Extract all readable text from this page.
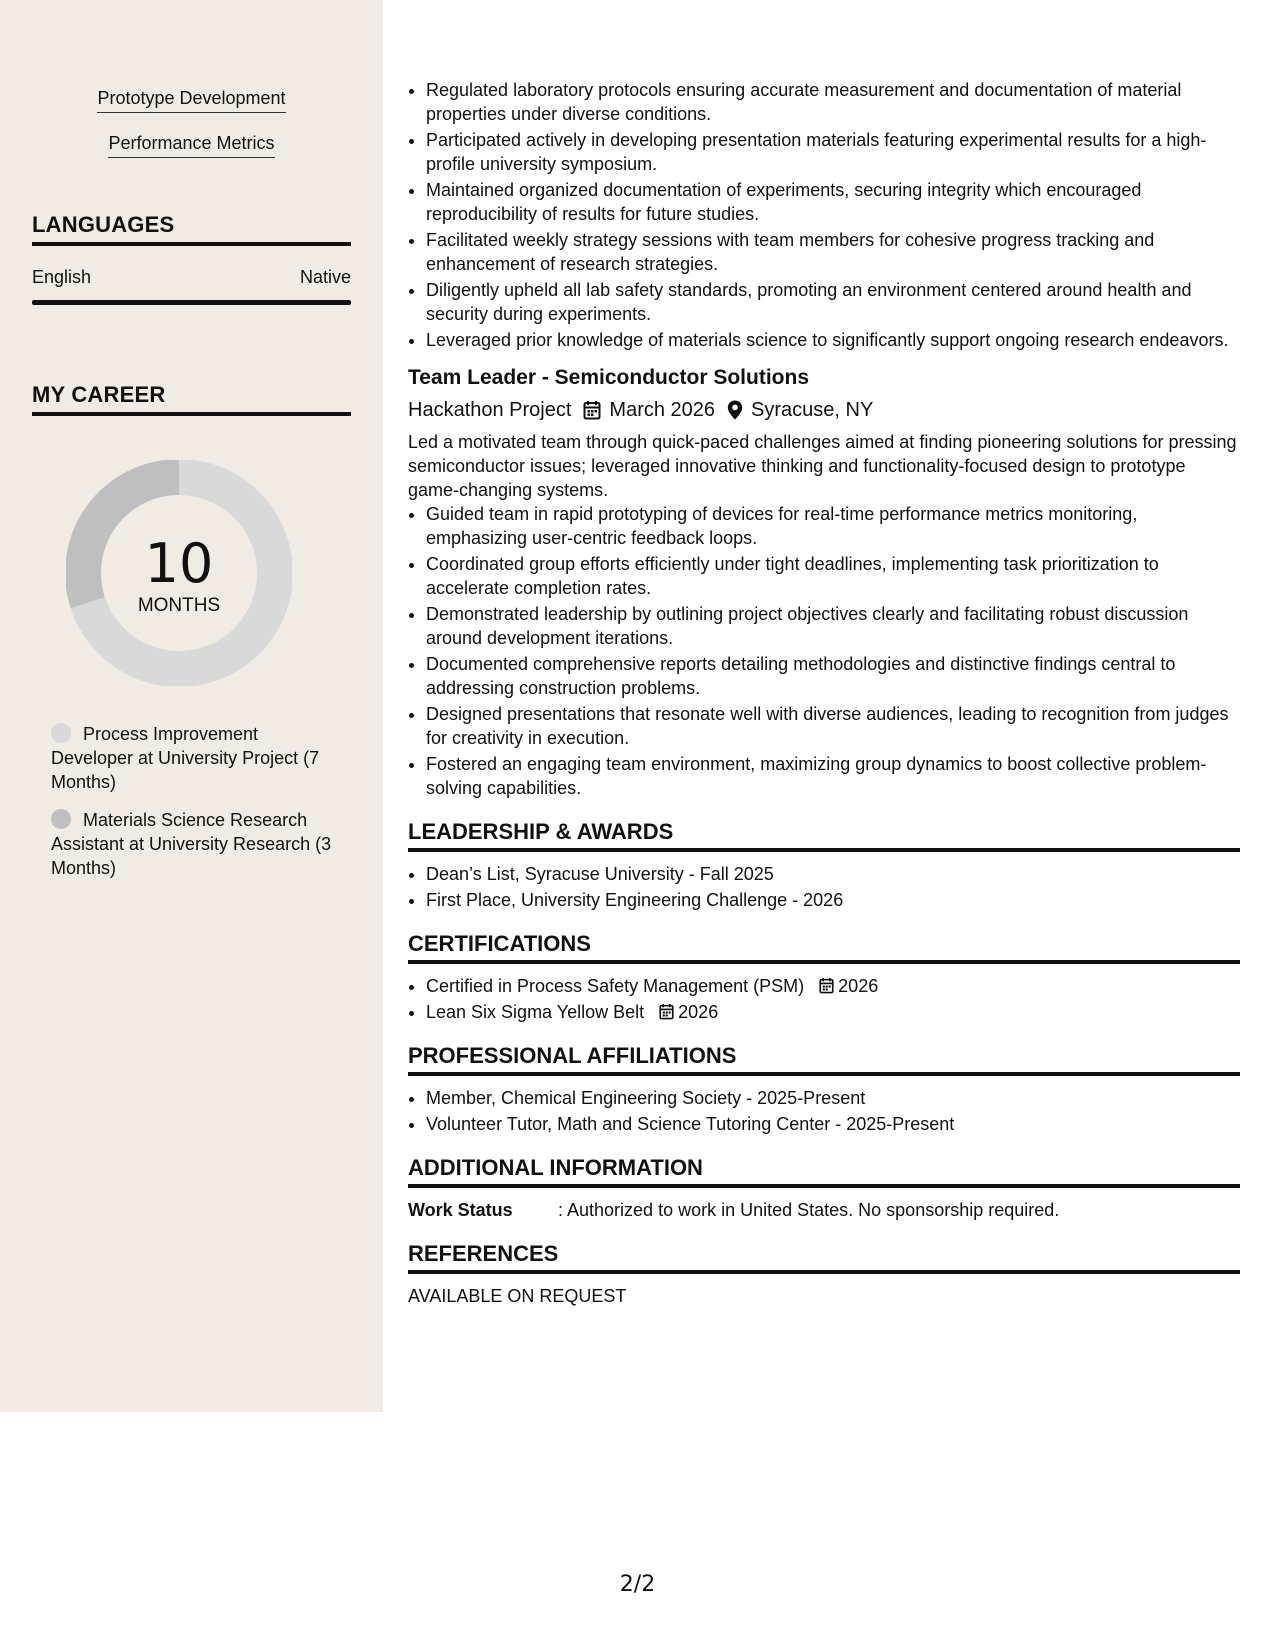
Prototype Development
Performance Metrics
LANGUAGES
English	Native
MY CAREER
10
MONTHS
Process Improvement Developer at University Project (7 Months)
Materials Science Research Assistant at University Research (3 Months)
• Regulated laboratory protocols ensuring accurate measurement and documentation of material properties under diverse conditions.
• Participated actively in developing presentation materials featuring experimental results for a high-profile university symposium.
• Maintained organized documentation of experiments, securing integrity which encouraged reproducibility of results for future studies.
• Facilitated weekly strategy sessions with team members for cohesive progress tracking and enhancement of research strategies.
• Diligently upheld all lab safety standards, promoting an environment centered around health and security during experiments.
• Leveraged prior knowledge of materials science to significantly support ongoing research endeavors.
Team Leader - Semiconductor Solutions
Hackathon Project March 2026 Syracuse, NY
Led a motivated team through quick-paced challenges aimed at finding pioneering solutions for pressing semiconductor issues; leveraged innovative thinking and functionality-focused design to prototype game-changing systems.
• Guided team in rapid prototyping of devices for real-time performance metrics monitoring, emphasizing user-centric feedback loops.
• Coordinated group efforts efficiently under tight deadlines, implementing task prioritization to accelerate completion rates.
• Demonstrated leadership by outlining project objectives clearly and facilitating robust discussion around development iterations.
• Documented comprehensive reports detailing methodologies and distinctive findings central to addressing construction problems.
• Designed presentations that resonate well with diverse audiences, leading to recognition from judges for creativity in execution.
• Fostered an engaging team environment, maximizing group dynamics to boost collective problem-solving capabilities.
LEADERSHIP & AWARDS
• Dean’s List, Syracuse University - Fall 2025
• First Place, University Engineering Challenge - 2026
CERTIFICATIONS
• Certified in Process Safety Management (PSM) 2026
• Lean Six Sigma Yellow Belt 2026
PROFESSIONAL AFFILIATIONS
• Member, Chemical Engineering Society - 2025-Present
• Volunteer Tutor, Math and Science Tutoring Center - 2025-Present
ADDITIONAL INFORMATION
Work Status	: Authorized to work in United States. No sponsorship required.
REFERENCES
AVAILABLE ON REQUEST
2/2
